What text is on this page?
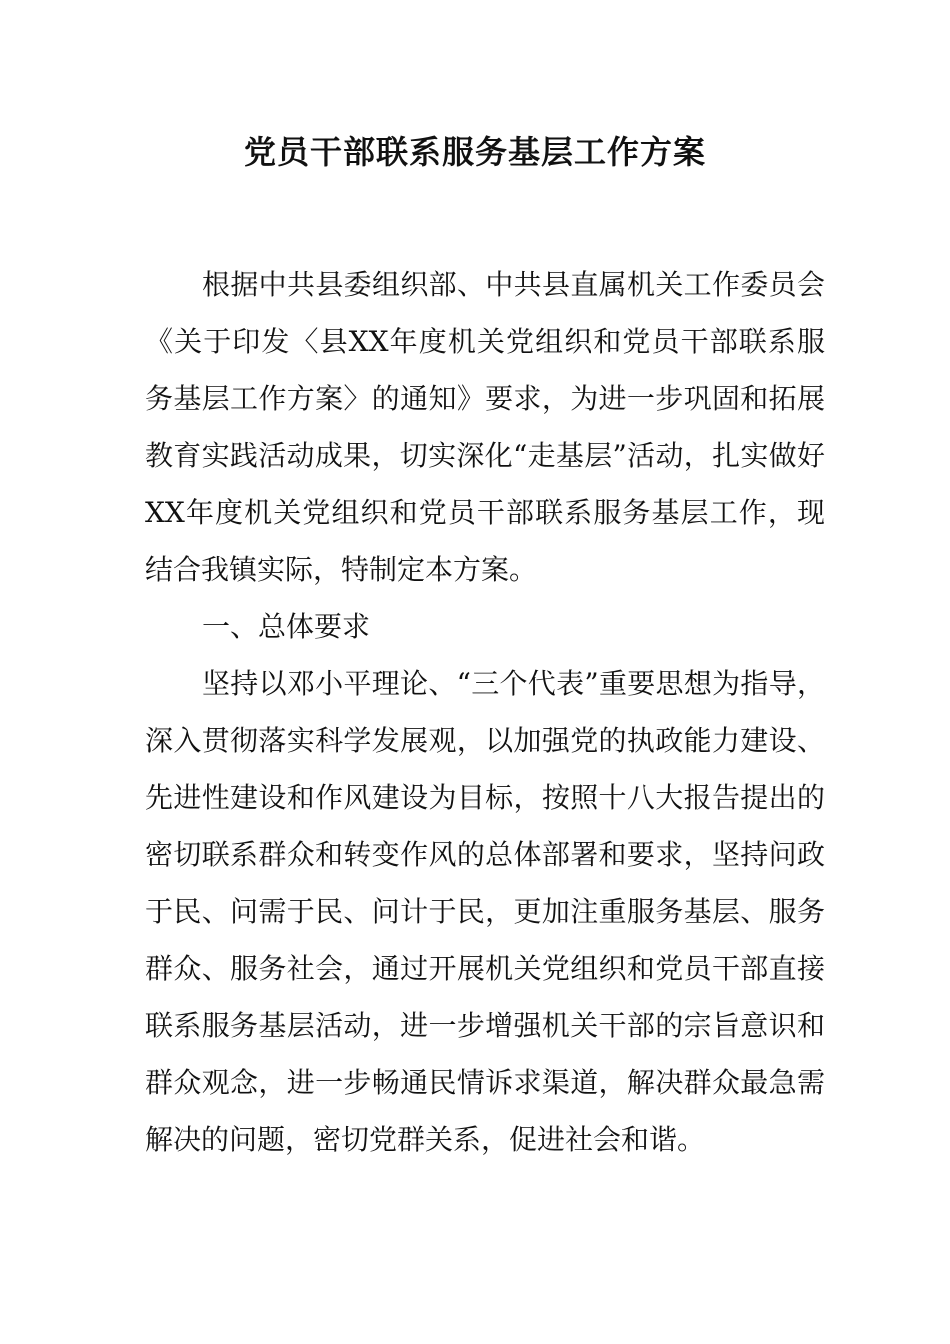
党员干部联系服务基层工作方案

根据中共县委组织部、中共县直属机关工作委员会《关于印发〈县XX年度机关党组织和党员干部联系服务基层工作方案〉的通知》要求，为进一步巩固和拓展教育实践活动成果，切实深化“走基层”活动，扎实做好XX年度机关党组织和党员干部联系服务基层工作，现结合我镇实际，特制定本方案。

一、总体要求

坚持以邓小平理论、“三个代表”重要思想为指导，深入贯彻落实科学发展观，以加强党的执政能力建设、先进性建设和作风建设为目标，按照十八大报告提出的密切联系群众和转变作风的总体部署和要求，坚持问政于民、问需于民、问计于民，更加注重服务基层、服务群众、服务社会，通过开展机关党组织和党员干部直接联系服务基层活动，进一步增强机关干部的宗旨意识和群众观念，进一步畅通民情诉求渠道，解决群众最急需解决的问题，密切党群关系，促进社会和谐。
